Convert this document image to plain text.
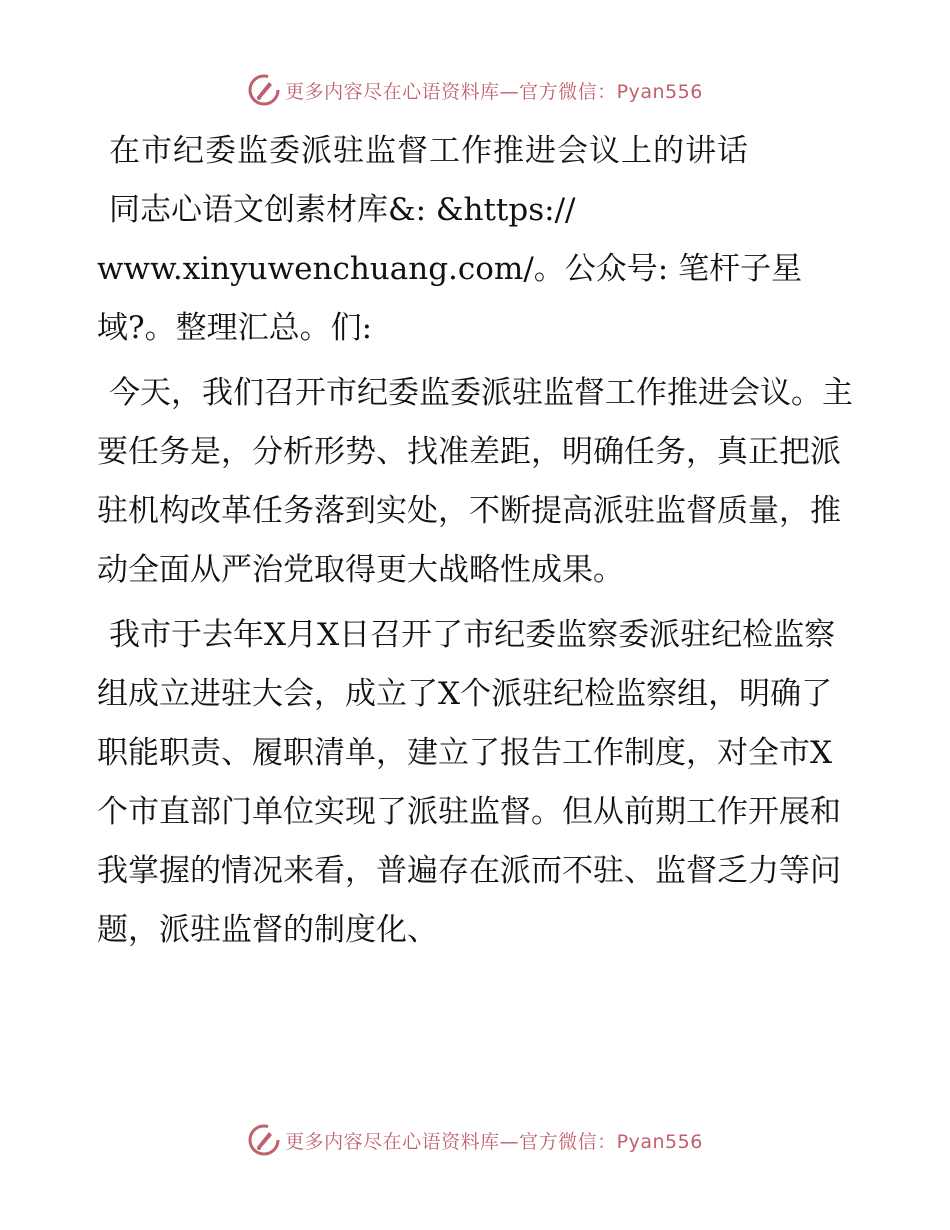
更多内容尽在心语资料库—官方微信：Pyan556

在市纪委监委派驻监督工作推进会议上的讲话

同志心语文创素材库&: &https:// www.xinyuwenchuang.com/。公众号: 笔杆子星域?。整理汇总。们:

今天，我们召开市纪委监委派驻监督工作推进会议。主要任务是，分析形势、找准差距，明确任务，真正把派驻机构改革任务落到实处，不断提高派驻监督质量，推动全面从严治党取得更大战略性成果。

我市于去年X月X日召开了市纪委监察委派驻纪检监察组成立进驻大会，成立了X个派驻纪检监察组，明确了职能职责、履职清单，建立了报告工作制度，对全市X个市直部门单位实现了派驻监督。但从前期工作开展和我掌握的情况来看，普遍存在派而不驻、监督乏力等问题，派驻监督的制度化、

更多内容尽在心语资料库—官方微信：Pyan556
